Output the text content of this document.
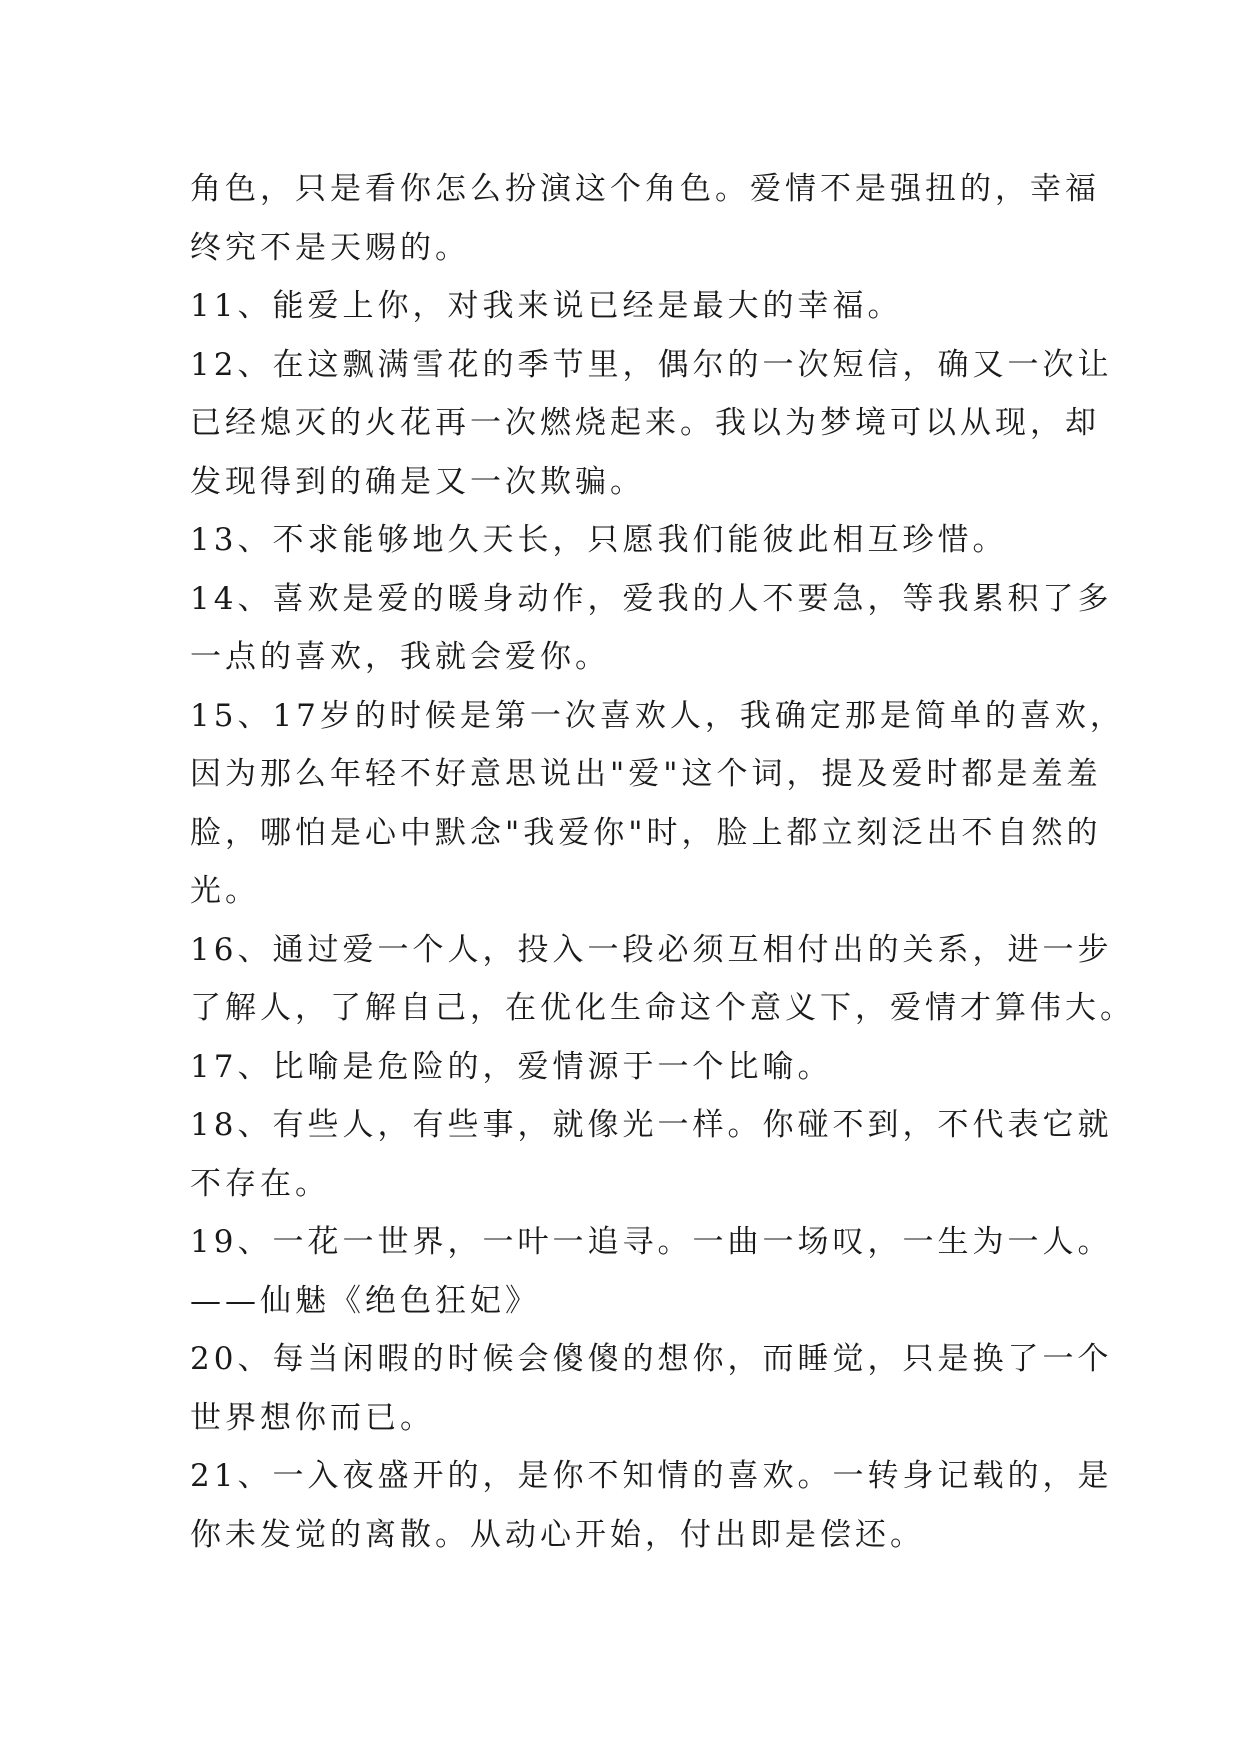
角色，只是看你怎么扮演这个角色。爱情不是强扭的，幸福
终究不是天赐的。
11、能爱上你，对我来说已经是最大的幸福。
12、在这飘满雪花的季节里，偶尔的一次短信，确又一次让
已经熄灭的火花再一次燃烧起来。我以为梦境可以从现，却
发现得到的确是又一次欺骗。
13、不求能够地久天长，只愿我们能彼此相互珍惜。
14、喜欢是爱的暖身动作，爱我的人不要急，等我累积了多
一点的喜欢，我就会爱你。
15、17岁的时候是第一次喜欢人，我确定那是简单的喜欢，
因为那么年轻不好意思说出"爱"这个词，提及爱时都是羞羞
脸，哪怕是心中默念"我爱你"时，脸上都立刻泛出不自然的
光。
16、通过爱一个人，投入一段必须互相付出的关系，进一步
了解人，了解自己，在优化生命这个意义下，爱情才算伟大。
17、比喻是危险的，爱情源于一个比喻。
18、有些人，有些事，就像光一样。你碰不到，不代表它就
不存在。
19、一花一世界，一叶一追寻。一曲一场叹，一生为一人。
——仙魅《绝色狂妃》
20、每当闲暇的时候会傻傻的想你，而睡觉，只是换了一个
世界想你而已。
21、一入夜盛开的，是你不知情的喜欢。一转身记载的，是
你未发觉的离散。从动心开始，付出即是偿还。
